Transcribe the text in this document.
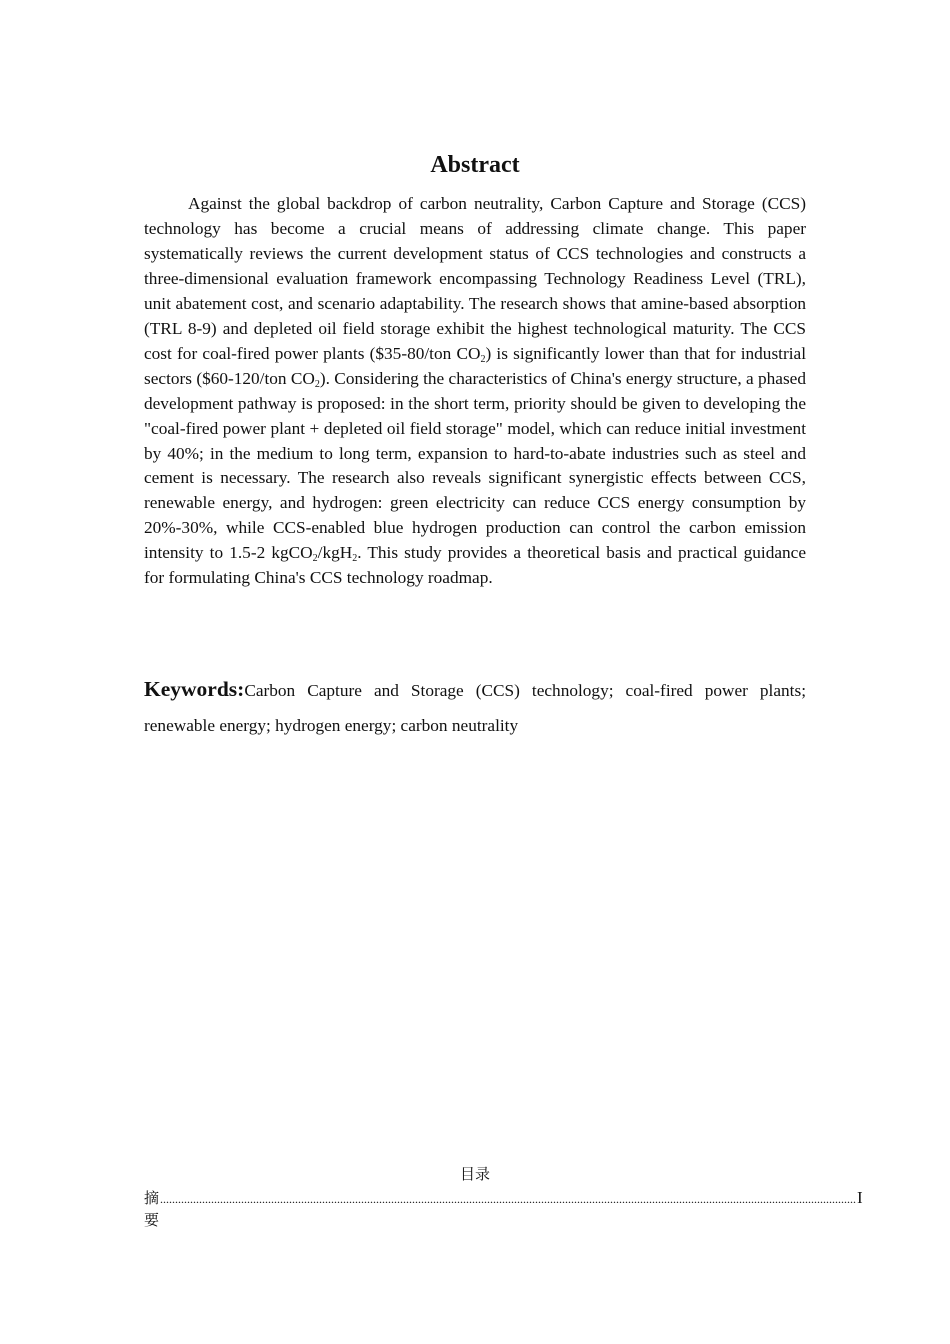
Abstract

Against the global backdrop of carbon neutrality, Carbon Capture and Storage (CCS) technology has become a crucial means of addressing climate change. This paper systematically reviews the current development status of CCS technologies and constructs a three-dimensional evaluation framework encompassing Technology Readiness Level (TRL), unit abatement cost, and scenario adaptability. The research shows that amine-based absorption (TRL 8-9) and depleted oil field storage exhibit the highest technological maturity. The CCS cost for coal-fired power plants ($35-80/ton $CO_2$) is significantly lower than that for industrial sectors ($60-120/ton $CO_2$). Considering the characteristics of China's energy structure, a phased development pathway is proposed: in the short term, priority should be given to developing the "coal-fired power plant + depleted oil field storage" model, which can reduce initial investment by 40%; in the medium to long term, expansion to hard-to-abate industries such as steel and cement is necessary. The research also reveals significant synergistic effects between CCS, renewable energy, and hydrogen: green electricity can reduce CCS energy consumption by 20%-30%, while CCS-enabled blue hydrogen production can control the carbon emission intensity to 1.5-2 kgCO$_2$/kgH$_2$. This study provides a theoretical basis and practical guidance for formulating China's CCS technology roadmap.

Keywords:Carbon Capture and Storage (CCS) technology; coal-fired power plants; renewable energy; hydrogen energy; carbon neutrality

目录
摘要
........................................................................................................................................................................................................................................ I
